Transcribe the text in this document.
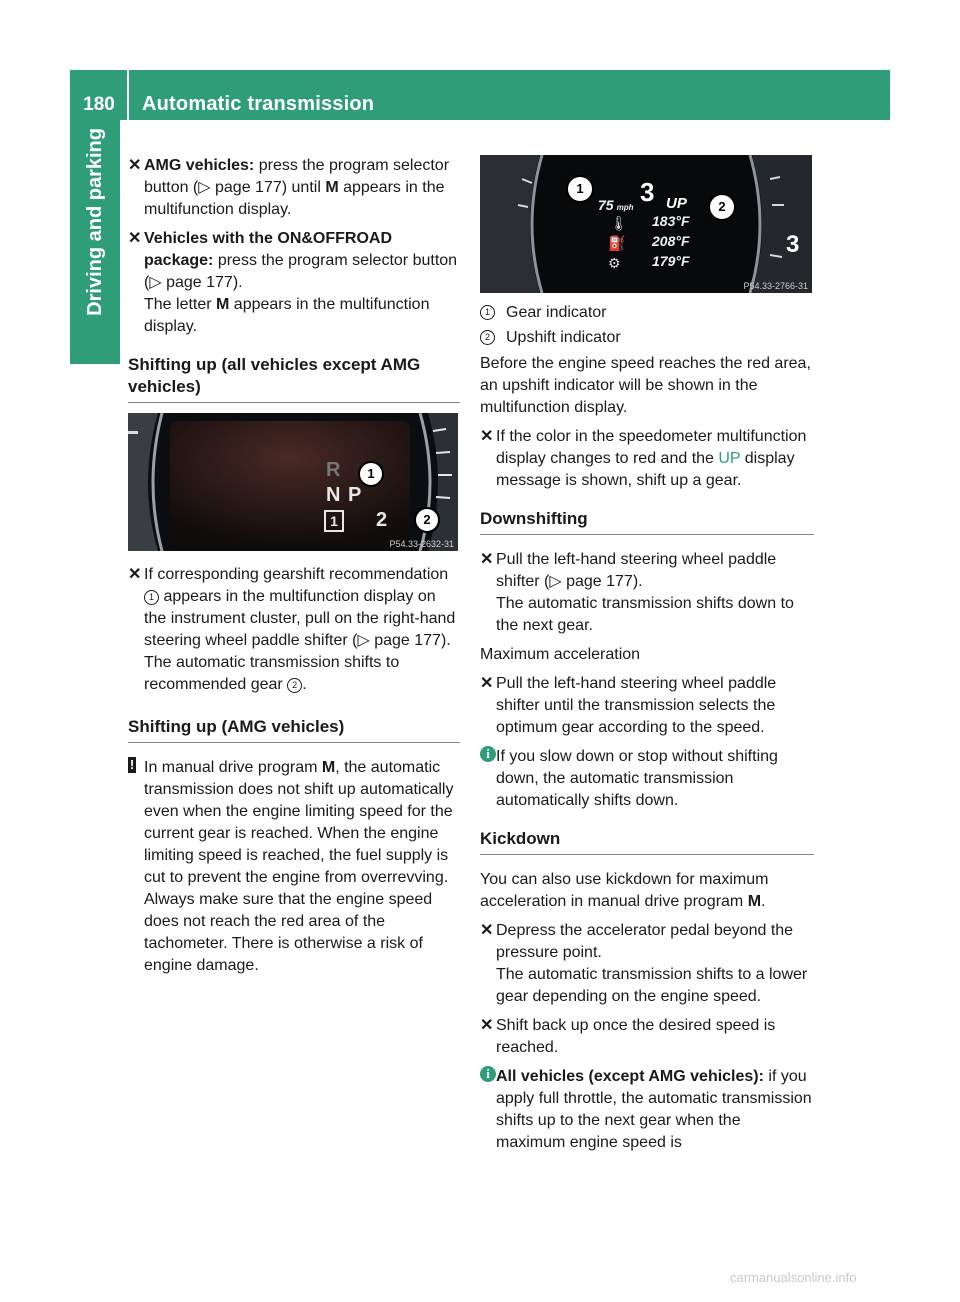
180	Automatic transmission
Driving and parking	✕ AMG vehicles: press the program selector button (▷ page 177) until M appears in the multifunction display.
✕ Vehicles with the ON&OFFROAD package: press the program selector button (▷ page 177).
The letter M appears in the multifunction display.
Shifting up (all vehicles except AMG vehicles)
R
N P
1	2
1
2
P54.33-2632-31
✕ If corresponding gearshift recommendation 1 appears in the multifunction display on the instrument cluster, pull on the right-hand steering wheel paddle shifter (▷ page 177).
The automatic transmission shifts to recommended gear 2 .
Shifting up (AMG vehicles)
! In manual drive program M, the automatic transmission does not shift up automatically even when the engine limiting speed for the current gear is reached. When the engine limiting speed is reached, the fuel supply is cut to prevent the engine from overrevving. Always make sure that the engine speed does not reach the red area of the tachometer. There is otherwise a risk of engine damage.
75 mph
3 UP
183°F
208°F
179°F
🌡
⛽
⚙
3
1
2
P54.33-2766-31
1	Gear indicator
2	Upshift indicator

Before the engine speed reaches the red area, an upshift indicator will be shown in the multifunction display.

✕ If the color in the speedometer multifunction display changes to red and the UP display message is shown, shift up a gear.
Downshifting
✕ Pull the left-hand steering wheel paddle shifter (▷ page 177).
The automatic transmission shifts down to the next gear.

Maximum acceleration

✕ Pull the left-hand steering wheel paddle shifter until the transmission selects the optimum gear according to the speed.
i If you slow down or stop without shifting down, the automatic transmission automatically shifts down.
Kickdown

You can also use kickdown for maximum acceleration in manual drive program M.

✕ Depress the accelerator pedal beyond the pressure point.
The automatic transmission shifts to a lower gear depending on the engine speed.
✕ Shift back up once the desired speed is reached.
i All vehicles (except AMG vehicles): if you apply full throttle, the automatic transmission shifts up to the next gear when the maximum engine speed is
carmanualsonline.info
